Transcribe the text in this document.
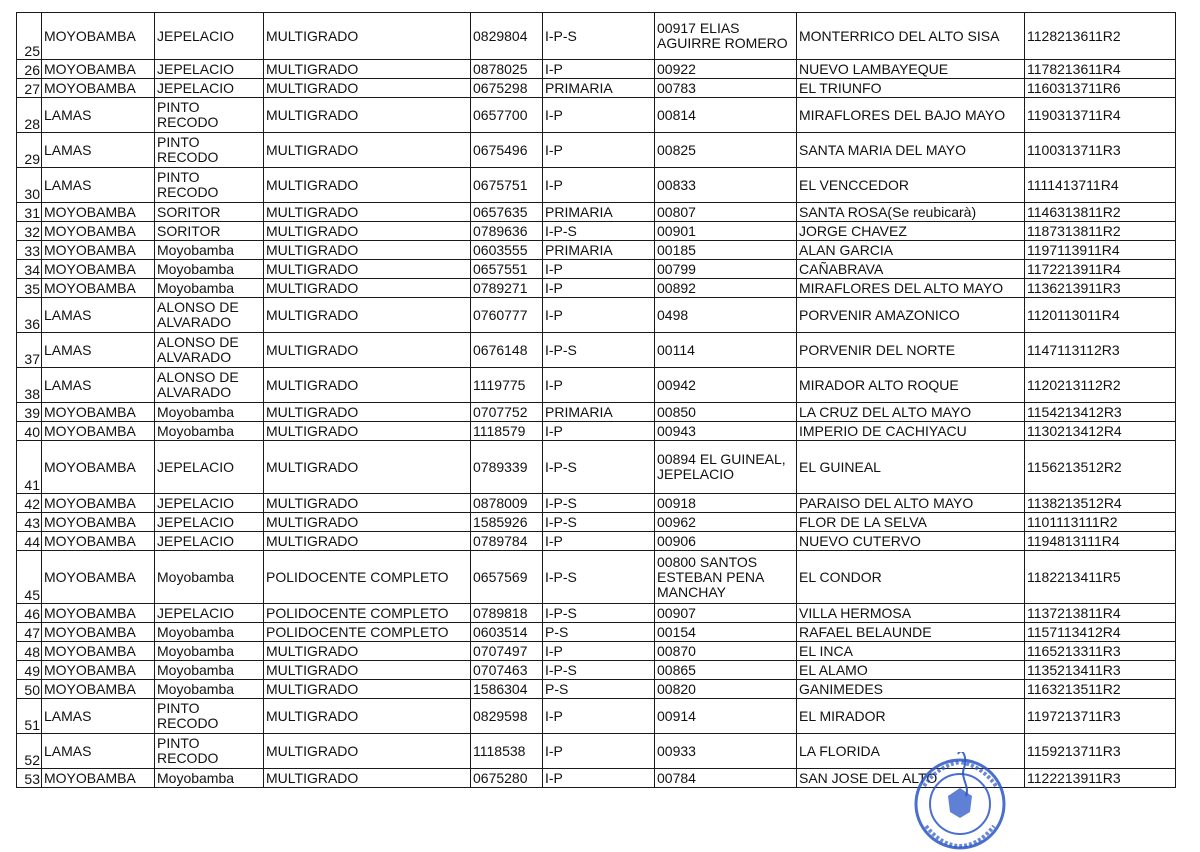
25	MOYOBAMBA	JEPELACIO	MULTIGRADO	0829804	I-P-S	00917 ELIAS AGUIRRE ROMERO	MONTERRICO DEL ALTO SISA	1128213611R2
26	MOYOBAMBA	JEPELACIO	MULTIGRADO	0878025	I-P	00922	NUEVO LAMBAYEQUE	1178213611R4
27	MOYOBAMBA	JEPELACIO	MULTIGRADO	0675298	PRIMARIA	00783	EL TRIUNFO	1160313711R6
28	LAMAS	PINTO RECODO	MULTIGRADO	0657700	I-P	00814	MIRAFLORES DEL BAJO MAYO	1190313711R4
29	LAMAS	PINTO RECODO	MULTIGRADO	0675496	I-P	00825	SANTA MARIA DEL MAYO	1100313711R3
30	LAMAS	PINTO RECODO	MULTIGRADO	0675751	I-P	00833	EL VENCCEDOR	1111413711R4
31	MOYOBAMBA	SORITOR	MULTIGRADO	0657635	PRIMARIA	00807	SANTA ROSA(Se reubicarà)	1146313811R2
32	MOYOBAMBA	SORITOR	MULTIGRADO	0789636	I-P-S	00901	JORGE CHAVEZ	1187313811R2
33	MOYOBAMBA	Moyobamba	MULTIGRADO	0603555	PRIMARIA	00185	ALAN GARCIA	1197113911R4
34	MOYOBAMBA	Moyobamba	MULTIGRADO	0657551	I-P	00799	CAÑABRAVA	1172213911R4
35	MOYOBAMBA	Moyobamba	MULTIGRADO	0789271	I-P	00892	MIRAFLORES DEL ALTO MAYO	1136213911R3
36	LAMAS	ALONSO DE ALVARADO	MULTIGRADO	0760777	I-P	0498	PORVENIR AMAZONICO	1120113011R4
37	LAMAS	ALONSO DE ALVARADO	MULTIGRADO	0676148	I-P-S	00114	PORVENIR DEL NORTE	1147113112R3
38	LAMAS	ALONSO DE ALVARADO	MULTIGRADO	1119775	I-P	00942	MIRADOR ALTO ROQUE	1120213112R2
39	MOYOBAMBA	Moyobamba	MULTIGRADO	0707752	PRIMARIA	00850	LA CRUZ DEL ALTO MAYO	1154213412R3
40	MOYOBAMBA	Moyobamba	MULTIGRADO	1118579	I-P	00943	IMPERIO DE CACHIYACU	1130213412R4
41	MOYOBAMBA	JEPELACIO	MULTIGRADO	0789339	I-P-S	00894 EL GUINEAL, JEPELACIO	EL GUINEAL	1156213512R2
42	MOYOBAMBA	JEPELACIO	MULTIGRADO	0878009	I-P-S	00918	PARAISO DEL ALTO MAYO	1138213512R4
43	MOYOBAMBA	JEPELACIO	MULTIGRADO	1585926	I-P-S	00962	FLOR DE LA SELVA	1101113111R2
44	MOYOBAMBA	JEPELACIO	MULTIGRADO	0789784	I-P	00906	NUEVO CUTERVO	1194813111R4
45	MOYOBAMBA	Moyobamba	POLIDOCENTE COMPLETO	0657569	I-P-S	00800 SANTOS ESTEBAN PENA MANCHAY	EL CONDOR	1182213411R5
46	MOYOBAMBA	JEPELACIO	POLIDOCENTE COMPLETO	0789818	I-P-S	00907	VILLA HERMOSA	1137213811R4
47	MOYOBAMBA	Moyobamba	POLIDOCENTE COMPLETO	0603514	P-S	00154	RAFAEL BELAUNDE	1157113412R4
48	MOYOBAMBA	Moyobamba	MULTIGRADO	0707497	I-P	00870	EL INCA	1165213311R3
49	MOYOBAMBA	Moyobamba	MULTIGRADO	0707463	I-P-S	00865	EL ALAMO	1135213411R3
50	MOYOBAMBA	Moyobamba	MULTIGRADO	1586304	P-S	00820	GANIMEDES	1163213511R2
51	LAMAS	PINTO RECODO	MULTIGRADO	0829598	I-P	00914	EL MIRADOR	1197213711R3
52	LAMAS	PINTO RECODO	MULTIGRADO	1118538	I-P	00933	LA FLORIDA	1159213711R3
53	MOYOBAMBA	Moyobamba	MULTIGRADO	0675280	I-P	00784	SAN JOSE DEL ALTO	1122213911R3
